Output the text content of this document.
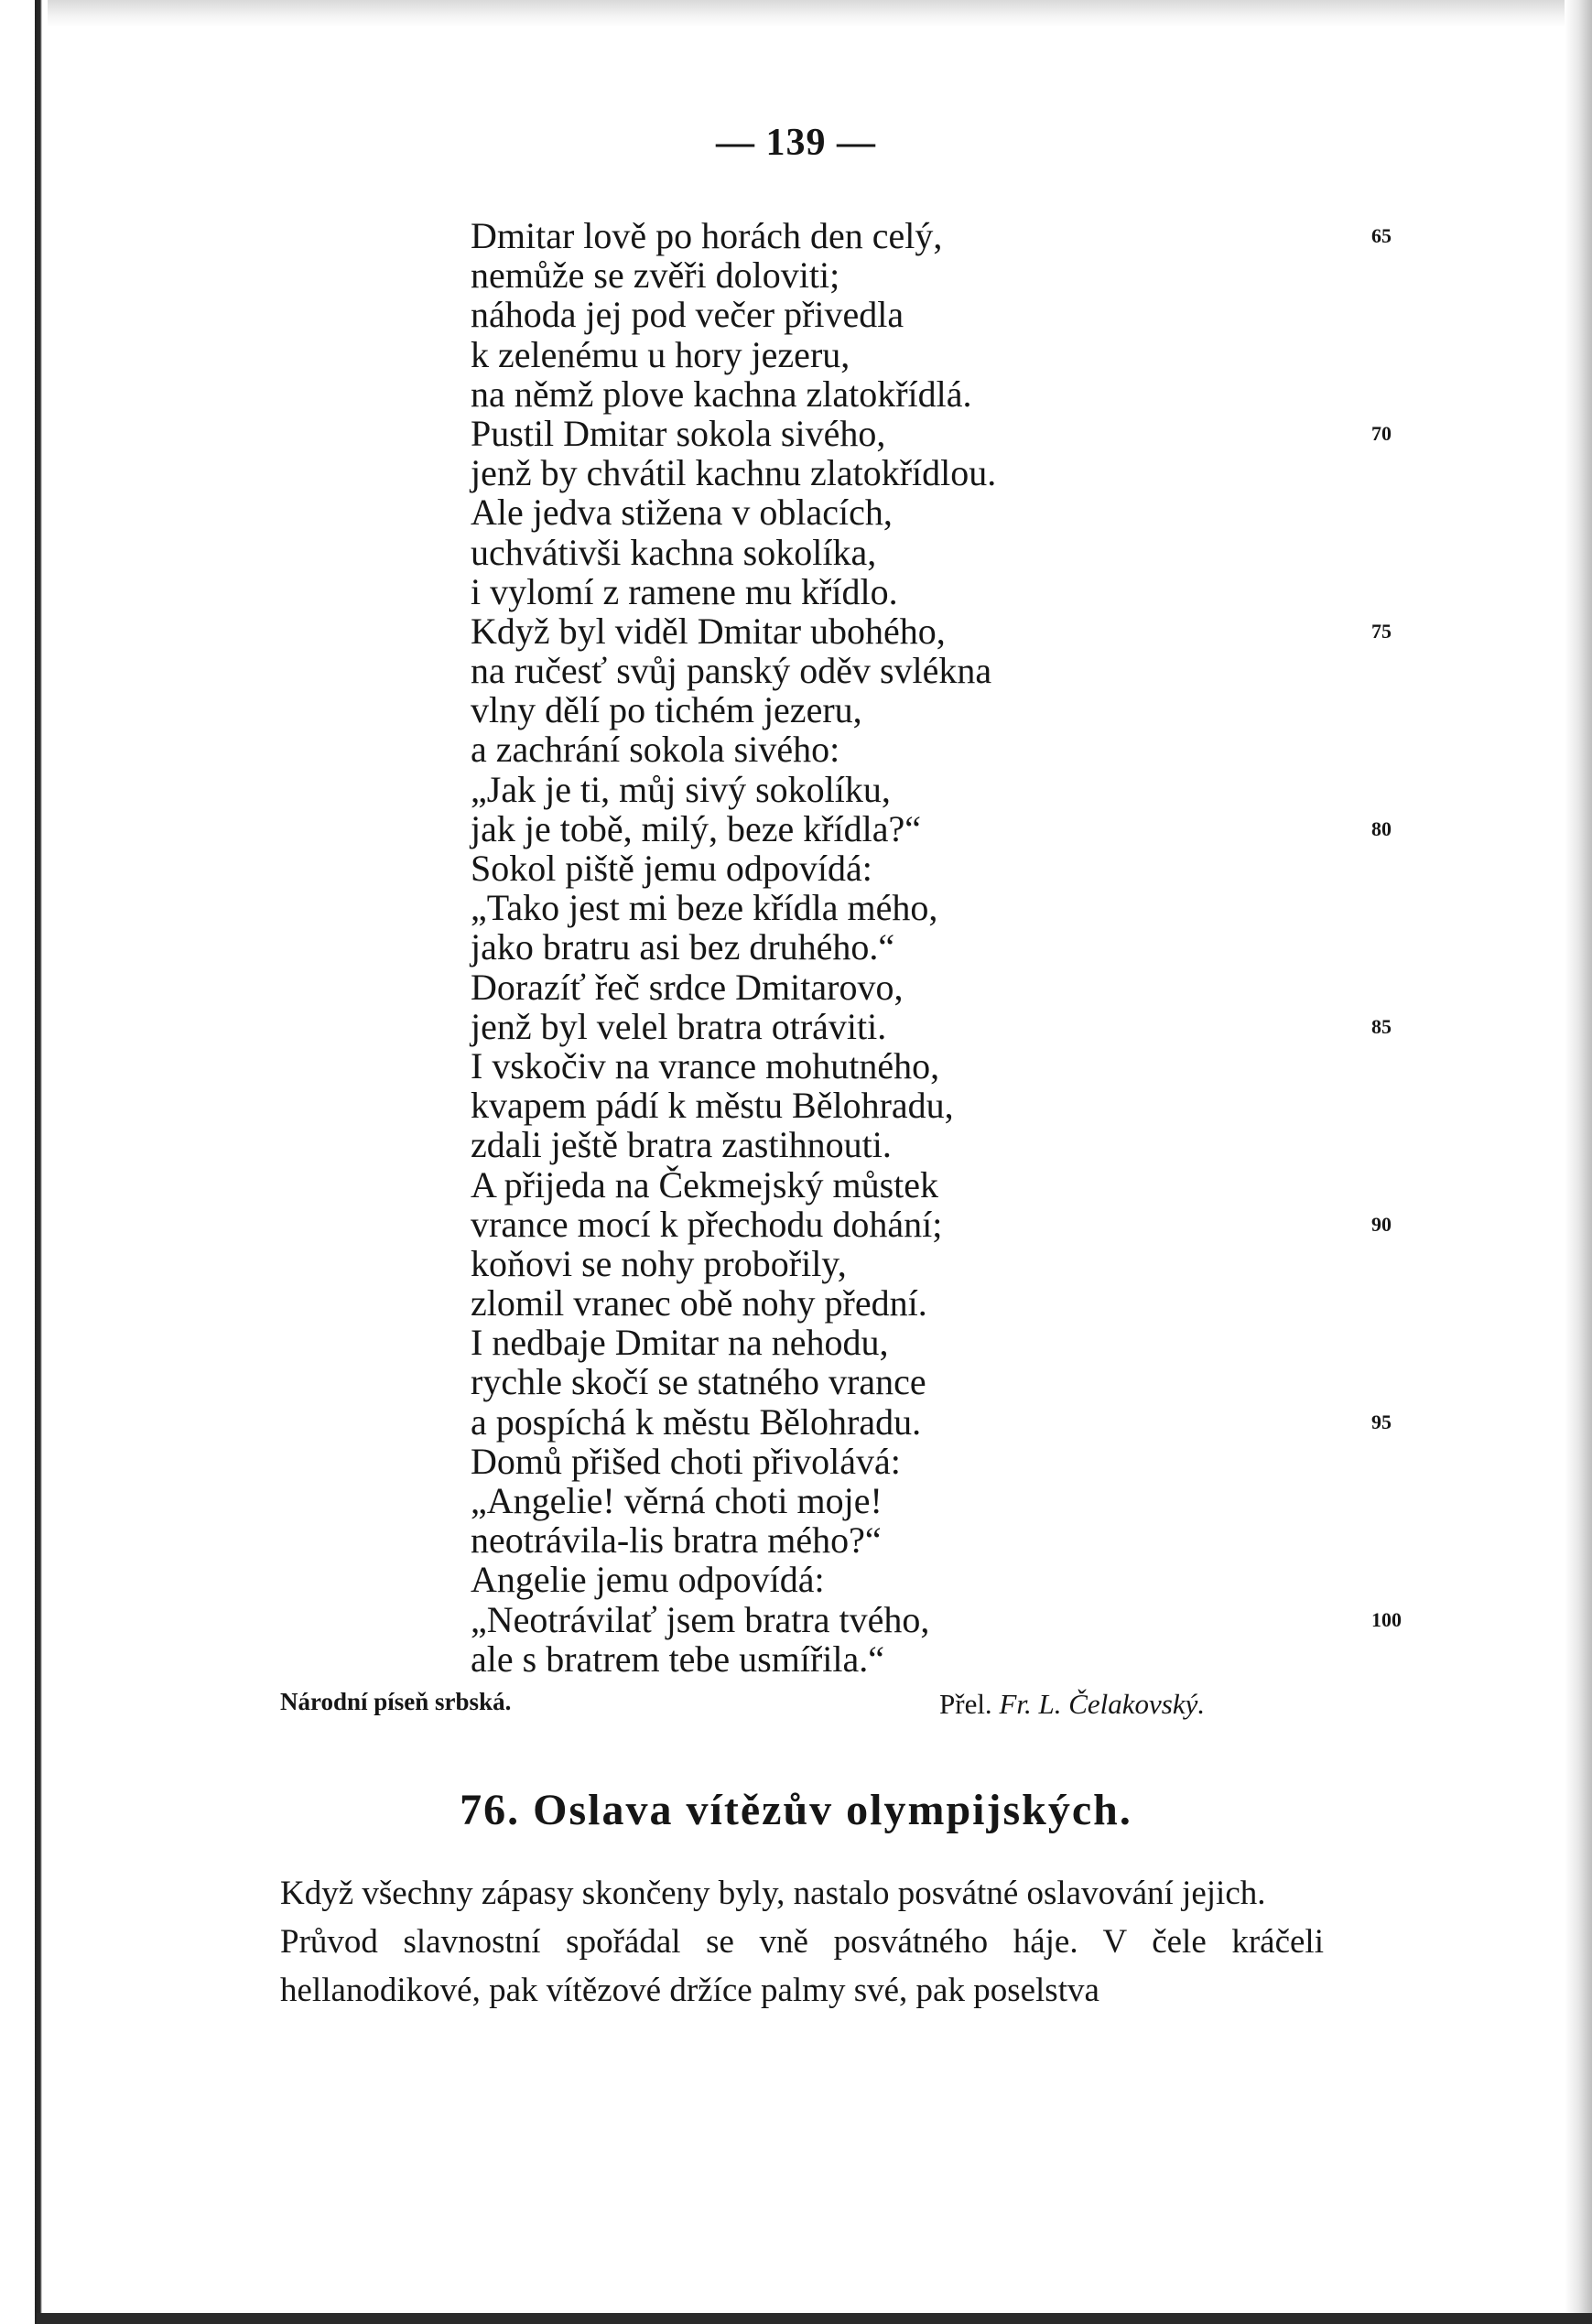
— 139 —
Dmitar lově po horách den celý,	65
nemůže se zvěři doloviti;
náhoda jej pod večer přivedla
k zelenému u hory jezeru,
na němž plove kachna zlatokřídlá.
Pustil Dmitar sokola sivého,	70
jenž by chvátil kachnu zlatokřídlou.
Ale jedva stižena v oblacích,
uchvátivši kachna sokolíka,
i vylomí z ramene mu křídlo.
Když byl viděl Dmitar ubohého,	75
na ručesť svůj panský oděv svlékna
vlny dělí po tichém jezeru,
a zachrání sokola sivého:
„Jak je ti, můj sivý sokolíku,
jak je tobě, milý, beze křídla?“	80
Sokol piště jemu odpovídá:
„Tako jest mi beze křídla mého,
jako bratru asi bez druhého.“
Dorazíť řeč srdce Dmitarovo,
jenž byl velel bratra otráviti.	85
I vskočiv na vrance mohutného,
kvapem pádí k městu Bělohradu,
zdali ještě bratra zastihnouti.
A přijeda na Čekmejský můstek
vrance mocí k přechodu dohání;	90
koňovi se nohy probořily,
zlomil vranec obě nohy přední.
I nedbaje Dmitar na nehodu,
rychle skočí se statného vrance
a pospíchá k městu Bělohradu.	95
Domů přišed choti přivolává:
„Angelie! věrná choti moje!
neotrávila-lis bratra mého?“
Angelie jemu odpovídá:
„Neotrávilať jsem bratra tvého,	100
ale s bratrem tebe usmířila.“
Národní píseň srbská.	Přel. Fr. L. Čelakovský.
76. Oslava vítězův olympijských.

Když všechny zápasy skončeny byly, nastalo posvátné oslavování jejich.

Průvod slavnostní spořádal se vně posvátného háje. V čele kráčeli hellanodikové, pak vítězové držíce palmy své, pak poselstva
